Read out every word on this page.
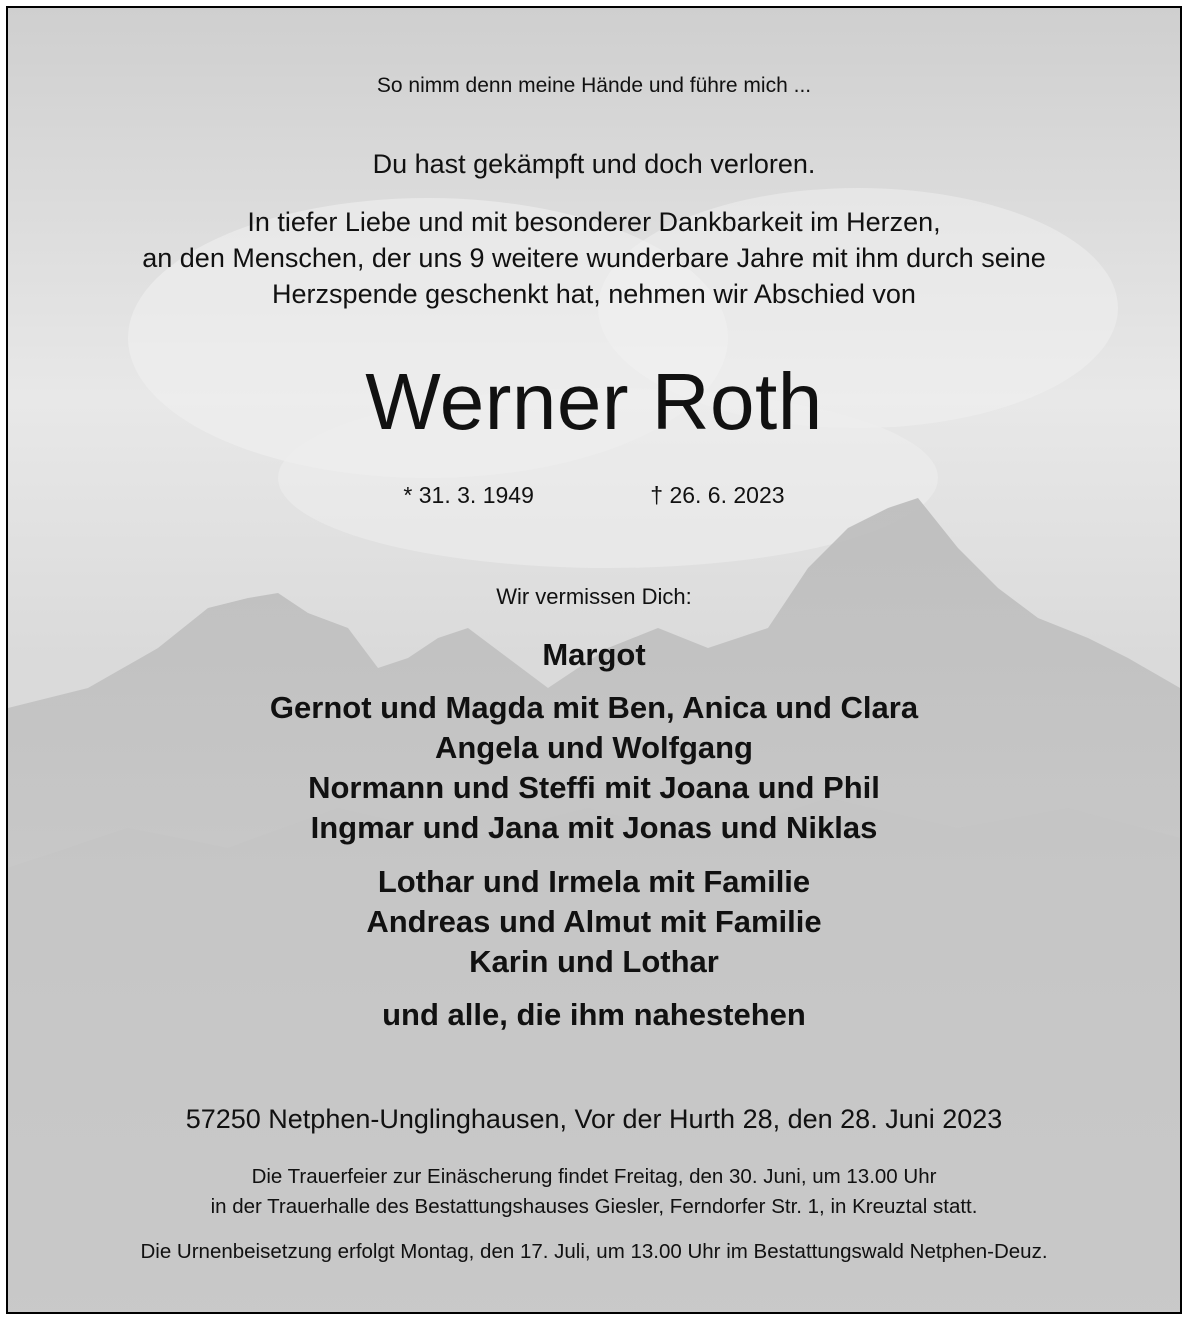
So nimm denn meine Hände und führe mich ...
Du hast gekämpft und doch verloren.
In tiefer Liebe und mit besonderer Dankbarkeit im Herzen,
an den Menschen, der uns 9 weitere wunderbare Jahre mit ihm durch seine
Herzspende geschenkt hat, nehmen wir Abschied von
Werner Roth
* 31. 3. 1949	† 26. 6. 2023
Wir vermissen Dich:
Margot
Gernot und Magda mit Ben, Anica und Clara
Angela und Wolfgang
Normann und Steffi mit Joana und Phil
Ingmar und Jana mit Jonas und Niklas
Lothar und Irmela mit Familie
Andreas und Almut mit Familie
Karin und Lothar
und alle, die ihm nahestehen
57250 Netphen-Unglinghausen, Vor der Hurth 28, den 28. Juni 2023
Die Trauerfeier zur Einäscherung findet Freitag, den 30. Juni, um 13.00 Uhr
in der Trauerhalle des Bestattungshauses Giesler, Ferndorfer Str. 1, in Kreuztal statt.
Die Urnenbeisetzung erfolgt Montag, den 17. Juli, um 13.00 Uhr im Bestattungswald Netphen-Deuz.
